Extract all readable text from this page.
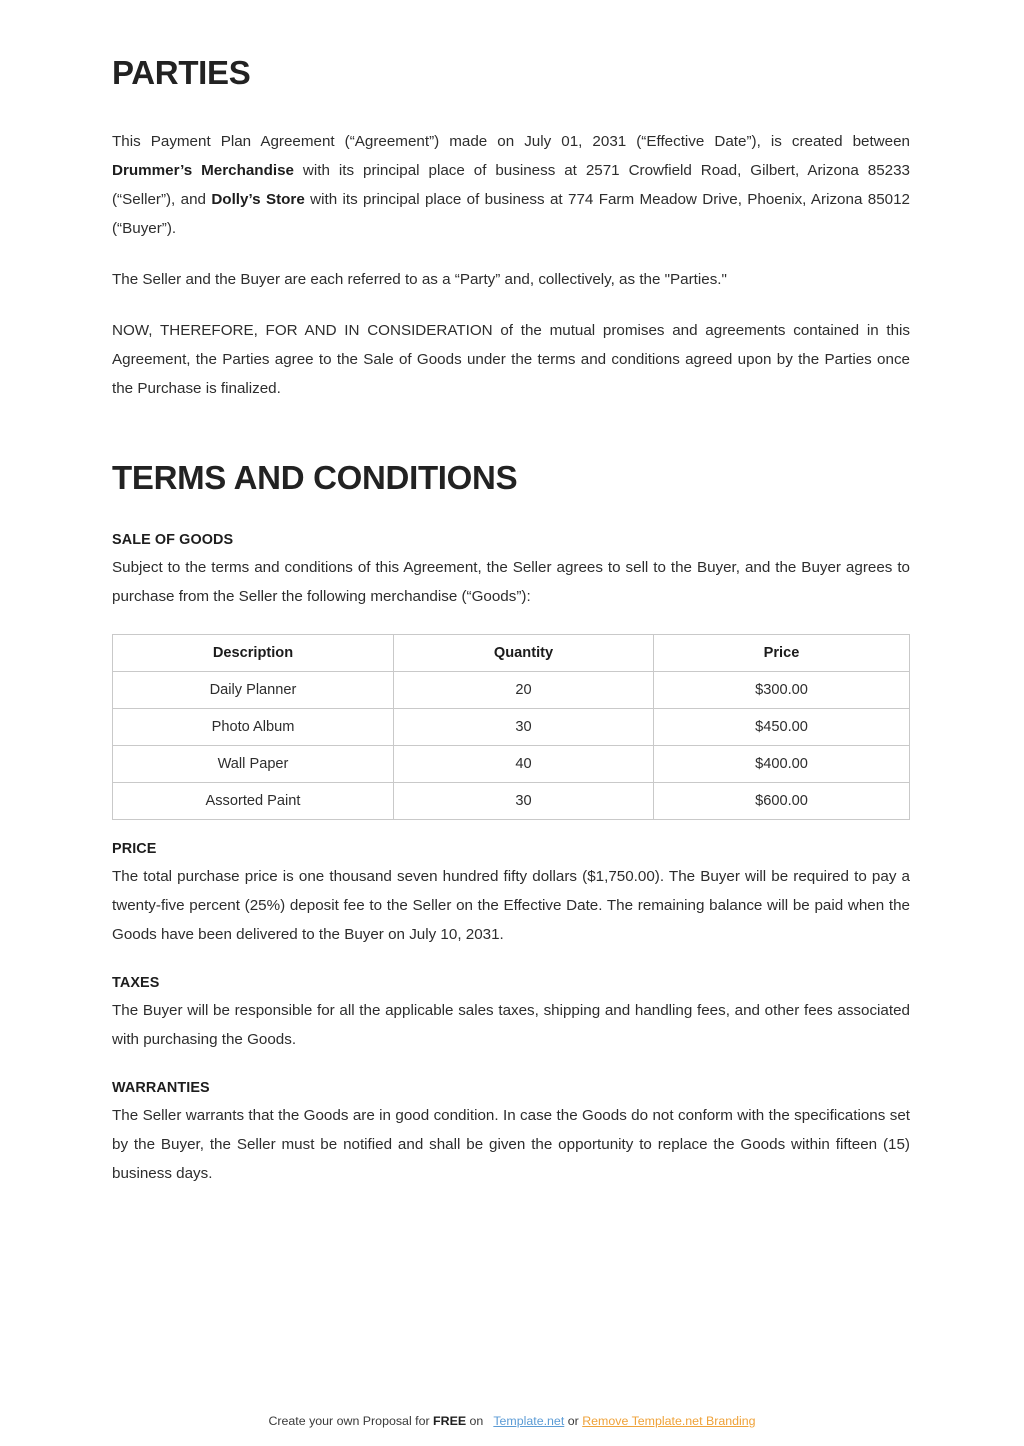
PARTIES

This Payment Plan Agreement (“Agreement”) made on July 01, 2031 (“Effective Date”), is created between Drummer’s Merchandise with its principal place of business at 2571 Crowfield Road, Gilbert, Arizona 85233 (“Seller”), and Dolly’s Store with its principal place of business at 774 Farm Meadow Drive, Phoenix, Arizona 85012 (“Buyer”).

The Seller and the Buyer are each referred to as a “Party” and, collectively, as the "Parties."

NOW, THEREFORE, FOR AND IN CONSIDERATION of the mutual promises and agreements contained in this Agreement, the Parties agree to the Sale of Goods under the terms and conditions agreed upon by the Parties once the Purchase is finalized.

TERMS AND CONDITIONS
SALE OF GOODS

Subject to the terms and conditions of this Agreement, the Seller agrees to sell to the Buyer, and the Buyer agrees to purchase from the Seller the following merchandise (“Goods”):

Description	Quantity	Price
Daily Planner	20	$300.00
Photo Album	30	$450.00
Wall Paper	40	$400.00
Assorted Paint	30	$600.00
PRICE

The total purchase price is one thousand seven hundred fifty dollars ($1,750.00). The Buyer will be required to pay a twenty-five percent (25%) deposit fee to the Seller on the Effective Date. The remaining balance will be paid when the Goods have been delivered to the Buyer on July 10, 2031.

TAXES

The Buyer will be responsible for all the applicable sales taxes, shipping and handling fees, and other fees associated with purchasing the Goods.

WARRANTIES

The Seller warrants that the Goods are in good condition. In case the Goods do not conform with the specifications set by the Buyer, the Seller must be notified and shall be given the opportunity to replace the Goods within fifteen (15) business days.

Create your own Proposal for FREE on Template.net or Remove Template.net Branding
